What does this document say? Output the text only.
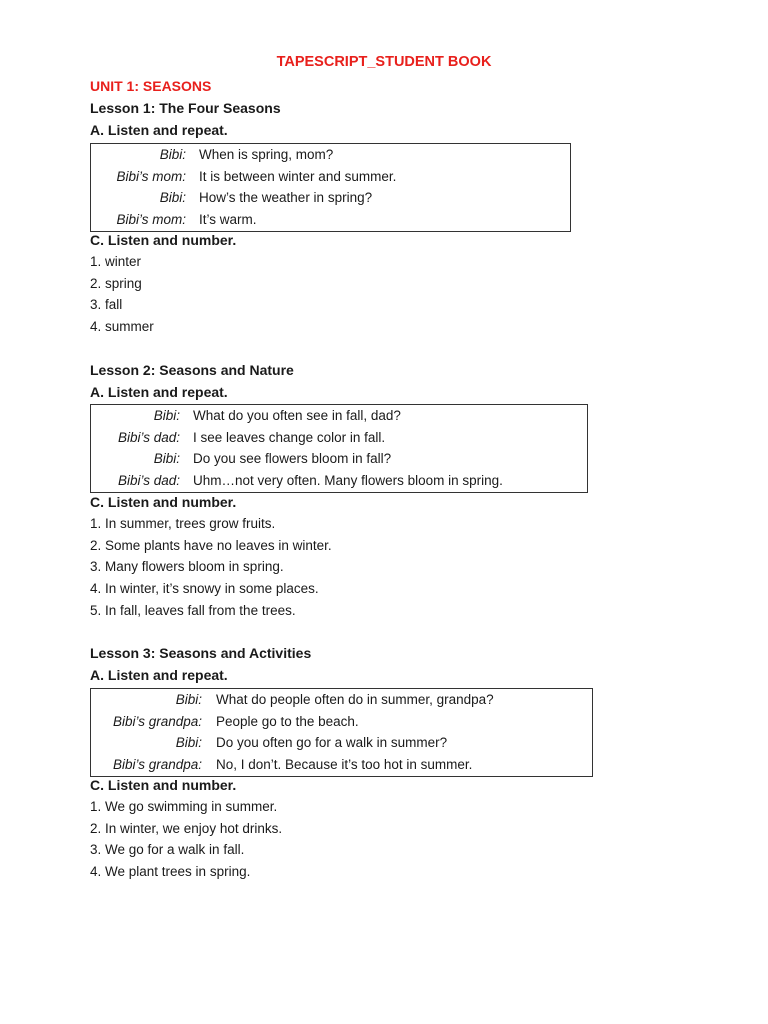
TAPESCRIPT_STUDENT BOOK
UNIT 1: SEASONS
Lesson 1: The Four Seasons
A. Listen and repeat.
Bibi: When is spring, mom?
Bibi’s mom: It is between winter and summer.
Bibi: How’s the weather in spring?
Bibi’s mom: It’s warm.
C. Listen and number.
1. winter
2. spring
3. fall
4. summer
Lesson 2: Seasons and Nature
A. Listen and repeat.
Bibi: What do you often see in fall, dad?
Bibi’s dad: I see leaves change color in fall.
Bibi: Do you see flowers bloom in fall?
Bibi’s dad: Uhm…not very often. Many flowers bloom in spring.
C. Listen and number.
1. In summer, trees grow fruits.
2. Some plants have no leaves in winter.
3. Many flowers bloom in spring.
4. In winter, it’s snowy in some places.
5. In fall, leaves fall from the trees.
Lesson 3: Seasons and Activities
A. Listen and repeat.
Bibi: What do people often do in summer, grandpa?
Bibi’s grandpa: People go to the beach.
Bibi: Do you often go for a walk in summer?
Bibi’s grandpa: No, I don’t. Because it’s too hot in summer.
C. Listen and number.
1. We go swimming in summer.
2. In winter, we enjoy hot drinks.
3. We go for a walk in fall.
4. We plant trees in spring.
